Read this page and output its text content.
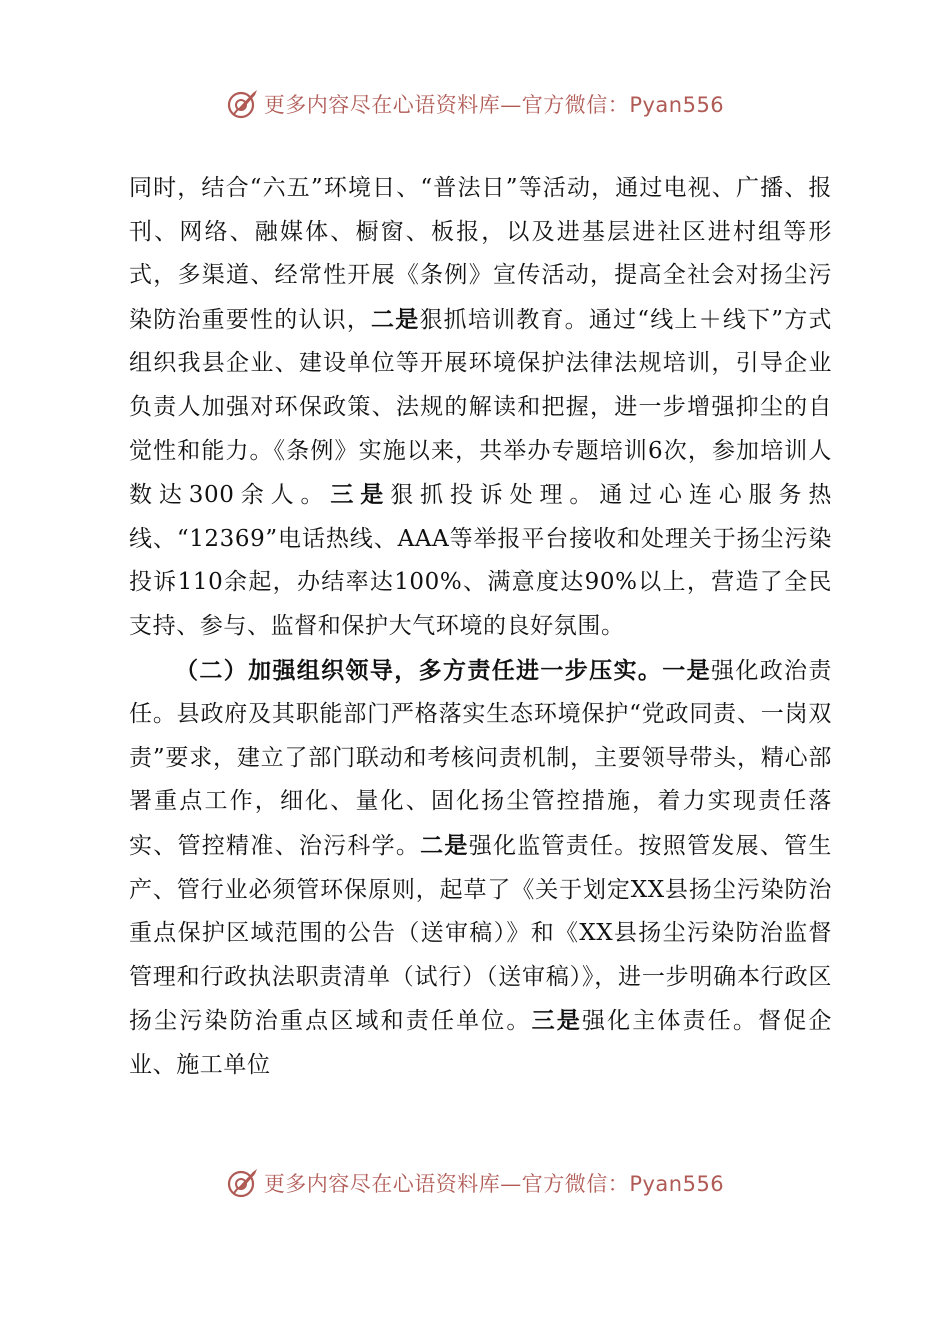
更多内容尽在心语资料库—官方微信：Pyan556

同时，结合“六五”环境日、“普法日”等活动，通过电视、广播、报刊、网络、融媒体、橱窗、板报，以及进基层进社区进村组等形式，多渠道、经常性开展《条例》宣传活动，提高全社会对扬尘污染防治重要性的认识，二是狠抓培训教育。通过“线上＋线下”方式组织我县企业、建设单位等开展环境保护法律法规培训，引导企业负责人加强对环保政策、法规的解读和把握，进一步增强抑尘的自觉性和能力。《条例》实施以来，共举办专题培训6次，参加培训人数达300余人。三是狠抓投诉处理。通过心连心服务热线、“12369”电话热线、AAA等举报平台接收和处理关于扬尘污染投诉110余起，办结率达100%、满意度达90%以上，营造了全民支持、参与、监督和保护大气环境的良好氛围。

（二）加强组织领导，多方责任进一步压实。一是强化政治责任。县政府及其职能部门严格落实生态环境保护“党政同责、一岗双责”要求，建立了部门联动和考核问责机制，主要领导带头，精心部署重点工作，细化、量化、固化扬尘管控措施，着力实现责任落实、管控精准、治污科学。二是强化监管责任。按照管发展、管生产、管行业必须管环保原则，起草了《关于划定XX县扬尘污染防治重点保护区域范围的公告（送审稿）》和《XX县扬尘污染防治监督管理和行政执法职责清单（试行）（送审稿）》，进一步明确本行政区扬尘污染防治重点区域和责任单位。三是强化主体责任。督促企业、施工单位

更多内容尽在心语资料库—官方微信：Pyan556
